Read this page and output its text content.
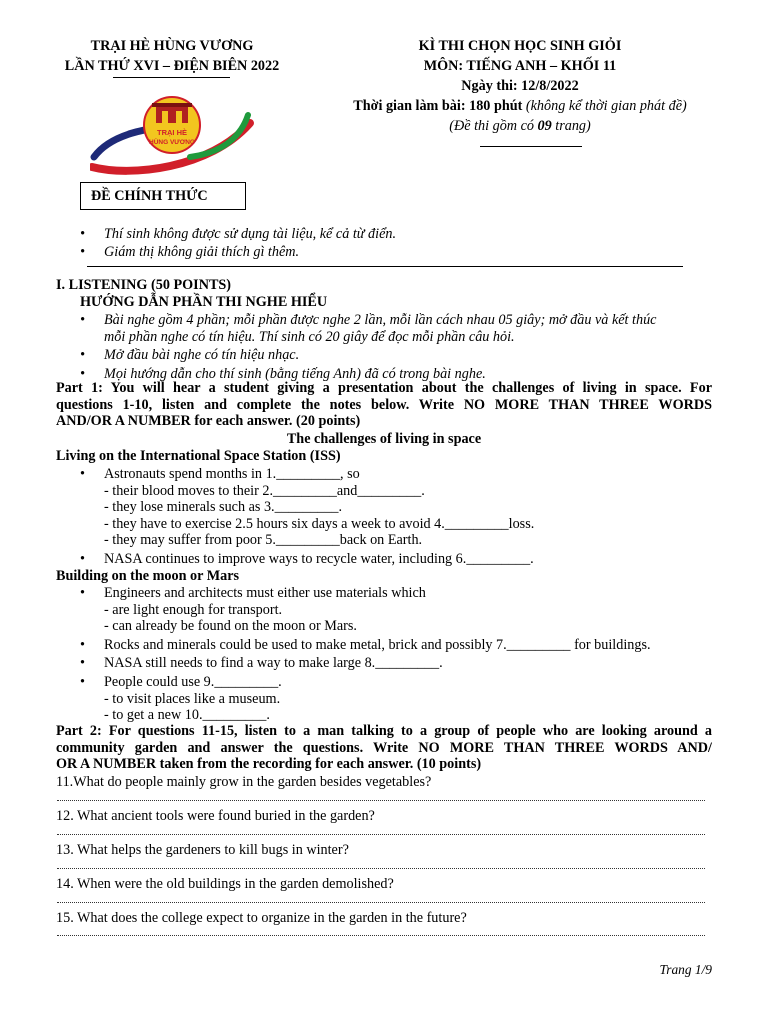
TRẠI HÈ HÙNG VƯƠNG
LẦN THỨ XVI – ĐIỆN BIÊN 2022
KÌ THI CHỌN HỌC SINH GIỎI
MÔN: TIẾNG ANH – KHỐI 11
Ngày thi: 12/8/2022
Thời gian làm bài: 180 phút (không kể thời gian phát đề)
(Đề thi gồm có 09 trang)
TRẠI HÈ
HÙNG VƯƠNG
ĐỀ CHÍNH THỨC
• Thí sinh không được sử dụng tài liệu, kể cả từ điển.
• Giám thị không giải thích gì thêm.
I. LISTENING (50 POINTS)
HƯỚNG DẪN PHẦN THI NGHE HIỂU
• Bài nghe gồm 4 phần; mỗi phần được nghe 2 lần, mỗi lần cách nhau 05 giây; mở đầu và kết thúc
mỗi phần nghe có tín hiệu. Thí sinh có 20 giây để đọc mỗi phần câu hỏi.
• Mở đầu bài nghe có tín hiệu nhạc.
• Mọi hướng dẫn cho thí sinh (bằng tiếng Anh) đã có trong bài nghe.
Part 1: You will hear a student giving a presentation about the challenges of living in space. For
questions 1-10, listen and complete the notes below. Write NO MORE THAN THREE WORDS
AND/OR A NUMBER for each answer. (20 points)
The challenges of living in space
Living on the International Space Station (ISS)
• Astronauts spend months in 1._________, so
- their blood moves to their 2._________and_________.
- they lose minerals such as 3._________.
- they have to exercise 2.5 hours six days a week to avoid 4._________loss.
- they may suffer from poor 5._________back on Earth.
• NASA continues to improve ways to recycle water, including 6._________.
Building on the moon or Mars
• Engineers and architects must either use materials which
- are light enough for transport.
- can already be found on the moon or Mars.
• Rocks and minerals could be used to make metal, brick and possibly 7._________ for buildings.
• NASA still needs to find a way to make large 8._________.
• People could use 9._________.
- to visit places like a museum.
- to get a new 10._________.
Part 2: For questions 11-15, listen to a man talking to a group of people who are looking around a
community garden and answer the questions. Write NO MORE THAN THREE WORDS AND/
OR A NUMBER taken from the recording for each answer. (10 points)
11.What do people mainly grow in the garden besides vegetables?
12. What ancient tools were found buried in the garden?
13. What helps the gardeners to kill bugs in winter?
14. When were the old buildings in the garden demolished?
15. What does the college expect to organize in the garden in the future?
Trang 1/9
